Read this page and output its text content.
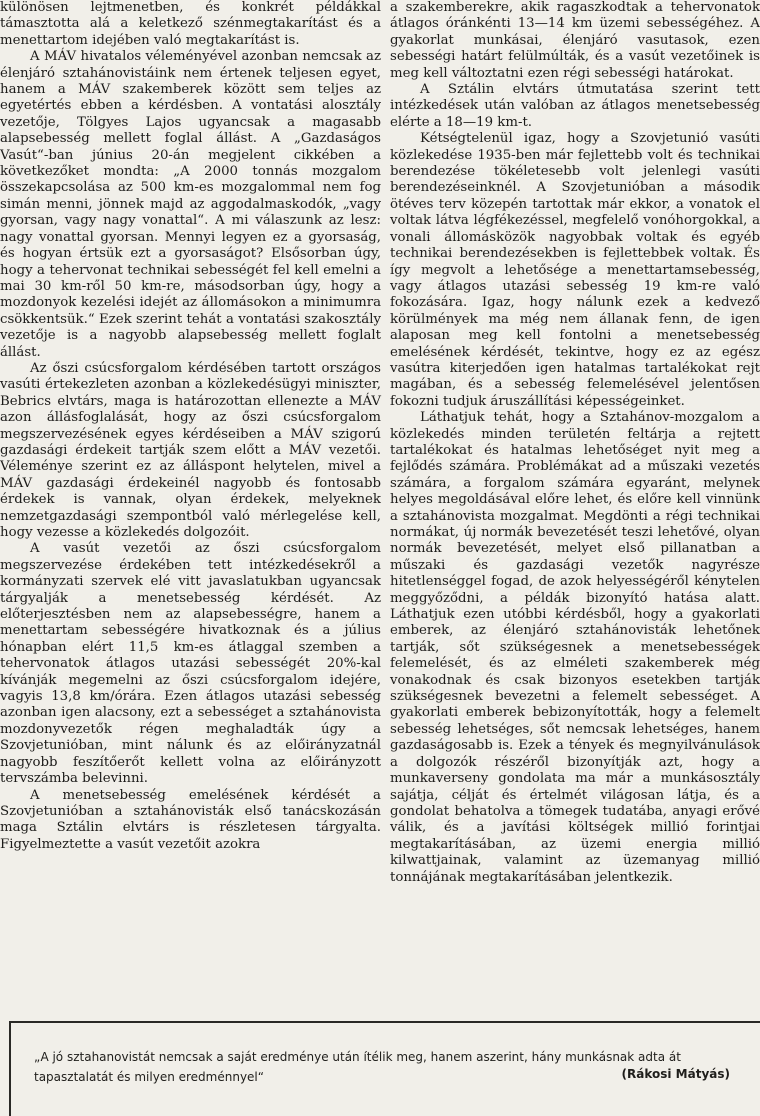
különösen lejtmenetben, és konkrét példákkal támasztotta alá a keletkező szénmegtakarítást és a menettartom idejében való megtakarítást is.

A MÁV hivatalos véleményével azonban nemcsak az élenjáró sztahánovistáink nem értenek teljesen egyet, hanem a MÁV szakemberek között sem teljes az egyetértés ebben a kérdésben. A vontatási alosztály vezetője, Tölgyes Lajos ugyancsak a magasabb alapsebesség mellett foglal állást. A „Gazdaságos Vasút“-ban június 20-án megjelent cikkében a következőket mondta: „A 2000 tonnás mozgalom összekapcsolása az 500 km-es mozgalommal nem fog simán menni, jönnek majd az aggodalmaskodók, „vagy gyorsan, vagy nagy vonattal“. A mi válaszunk az lesz: nagy vonattal gyorsan. Mennyi legyen ez a gyorsaság, és hogyan értsük ezt a gyorsaságot? Elsősorban úgy, hogy a tehervonat technikai sebességét fel kell emelni a mai 30 km-ről 50 km-re, másodsorban úgy, hogy a mozdonyok kezelési idejét az állomásokon a minimumra csökkentsük.“ Ezek szerint tehát a vontatási szakosztály vezetője is a nagyobb alapsebesség mellett foglalt állást.

Az őszi csúcsforgalom kérdésében tartott országos vasúti értekezleten azonban a közlekedésügyi miniszter, Bebrics elvtárs, maga is határozottan ellenezte a MÁV azon állásfoglalását, hogy az őszi csúcsforgalom megszervezésének egyes kérdéseiben a MÁV szigorú gazdasági érdekeit tartják szem előtt a MÁV vezetői. Véleménye szerint ez az álláspont helytelen, mivel a MÁV gazdasági érdekeinél nagyobb és fontosabb érdekek is vannak, olyan érdekek, melyeknek nemzetgazdasági szempontból való mérlegelése kell, hogy vezesse a közlekedés dolgozóit.

A vasút vezetői az őszi csúcsforgalom megszervezése érdekében tett intézkedésekről a kormányzati szervek elé vitt javaslatukban ugyancsak tárgyalják a menetsebesség kérdését. Az előterjesztésben nem az alapsebességre, hanem a menettartam sebességére hivatkoznak és a július hónapban elért 11,5 km-es átlaggal szemben a tehervonatok átlagos utazási sebességét 20%-kal kívánják megemelni az őszi csúcsforgalom idejére, vagyis 13,8 km/órára. Ezen átlagos utazási sebesség azonban igen alacsony, ezt a sebességet a sztahánovista mozdonyvezetők régen meghaladták úgy a Szovjetunióban, mint nálunk és az előirányzatnál nagyobb feszítőerőt kellett volna az előirányzott tervszámba belevinni.

A menetsebesség emelésének kérdését a Szovjetunióban a sztahánovisták első tanácskozásán maga Sztálin elvtárs is részletesen tárgyalta. Figyelmeztette a vasút vezetőit azokra

a szakemberekre, akik ragaszkodtak a tehervonatok átlagos óránkénti 13—14 km üzemi sebességéhez. A gyakorlat munkásai, élenjáró vasutasok, ezen sebességi határt felülmúlták, és a vasút vezetőinek is meg kell változtatni ezen régi sebességi határokat.

A Sztálin elvtárs útmutatása szerint tett intézkedések után valóban az átlagos menetsebesség elérte a 18—19 km-t.

Kétségtelenül igaz, hogy a Szovjetunió vasúti közlekedése 1935-ben már fejlettebb volt és technikai berendezése tökéletesebb volt jelenlegi vasúti berendezéseinknél. A Szovjetunióban a második ötéves terv közepén tartottak már ekkor, a vonatok el voltak látva légfékezéssel, megfelelő vonóhorgokkal, a vonali állomásközök nagyobbak voltak és egyéb technikai berendezésekben is fejlettebbek voltak. És így megvolt a lehetősége a menettartamsebesség, vagy átlagos utazási sebesség 19 km-re való fokozására. Igaz, hogy nálunk ezek a kedvező körülmények ma még nem állanak fenn, de igen alaposan meg kell fontolni a menetsebesség emelésének kérdését, tekintve, hogy ez az egész vasútra kiterjedően igen hatalmas tartalékokat rejt magában, és a sebesség felemelésével jelentősen fokozni tudjuk áruszállítási képességeinket.

Láthatjuk tehát, hogy a Sztahánov-mozgalom a közlekedés minden területén feltárja a rejtett tartalékokat és hatalmas lehetőséget nyit meg a fejlődés számára. Problémákat ad a műszaki vezetés számára, a forgalom számára egyaránt, melynek helyes megoldásával előre lehet, és előre kell vinnünk a sztahánovista mozgalmat. Megdönti a régi technikai normákat, új normák bevezetését teszi lehetővé, olyan normák bevezetését, melyet első pillanatban a műszaki és gazdasági vezetők nagyrésze hitetlenséggel fogad, de azok helyességéről kénytelen meggyőződni, a példák bizonyító hatása alatt. Láthatjuk ezen utóbbi kérdésből, hogy a gyakorlati emberek, az élenjáró sztahánovisták lehetőnek tartják, sőt szükségesnek a menetsebességek felemelését, és az elméleti szakemberek még vonakodnak és csak bizonyos esetekben tartják szükségesnek bevezetni a felemelt sebességet. A gyakorlati emberek bebizonyították, hogy a felemelt sebesség lehetséges, sőt nemcsak lehetséges, hanem gazdaságosabb is. Ezek a tények és megnyilvánulások a dolgozók részéről bizonyítják azt, hogy a munkaverseny gondolata ma már a munkásosztály sajátja, célját és értelmét világosan látja, és a gondolat behatolva a tömegek tudatába, anyagi erővé válik, és a javítási költségek millió forintjai megtakarításában, az üzemi energia millió kilwattjainak, valamint az üzemanyag millió tonnájának megtakarításában jelentkezik.

„A jó sztahanovistát nemcsak a saját eredménye után ítélik meg, hanem aszerint, hány munkásnak adta át tapasztalatát és milyen eredménnyel“	(Rákosi Mátyás)
